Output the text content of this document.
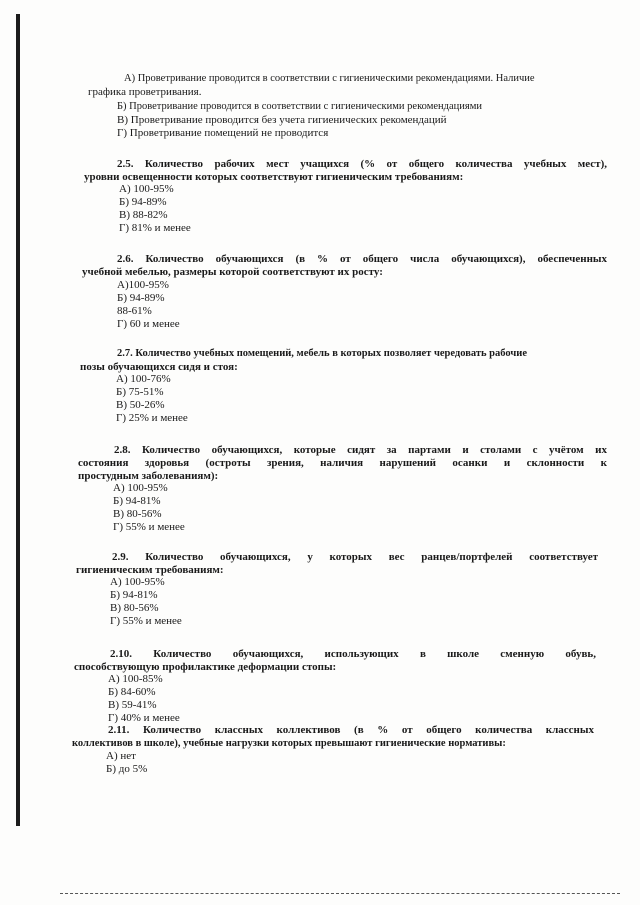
А) Проветривание проводится в соответствии с гигиеническими рекомендациями. Наличие
графика проветривания.
Б) Проветривание проводится в соответствии с гигиеническими рекомендациями
В) Проветривание проводится без учета гигиенических рекомендаций
Г) Проветривание помещений не проводится
2.5. Количество рабочих мест учащихся (% от общего количества учебных мест),
уровни освещенности которых соответствуют гигиеническим требованиям:
А) 100-95%
Б) 94-89%
В) 88-82%
Г) 81% и менее
2.6. Количество обучающихся (в % от общего числа обучающихся), обеспеченных
учебной мебелью, размеры которой соответствуют их росту:
А)100-95%
Б) 94-89%
88-61%
Г) 60 и менее
2.7. Количество учебных помещений, мебель в которых позволяет чередовать рабочие
позы обучающихся сидя и стоя:
А) 100-76%
Б) 75-51%
В) 50-26%
Г) 25% и менее
2.8. Количество обучающихся, которые сидят за партами и столами с учётом их
состояния здоровья (остроты зрения, наличия нарушений осанки и склонности к
простудным заболеваниям):
А) 100-95%
Б) 94-81%
В) 80-56%
Г) 55% и менее
2.9. Количество обучающихся, у которых вес ранцев/портфелей соответствует
гигиеническим требованиям:
А) 100-95%
Б) 94-81%
В) 80-56%
Г) 55% и менее
2.10. Количество обучающихся, использующих в школе сменную обувь,
способствующую профилактике деформации стопы:
А) 100-85%
Б) 84-60%
В) 59-41%
Г) 40% и менее
2.11. Количество классных коллективов (в % от общего количества классных
коллективов в школе), учебные нагрузки которых превышают гигиенические нормативы:
А) нет
Б) до 5%
